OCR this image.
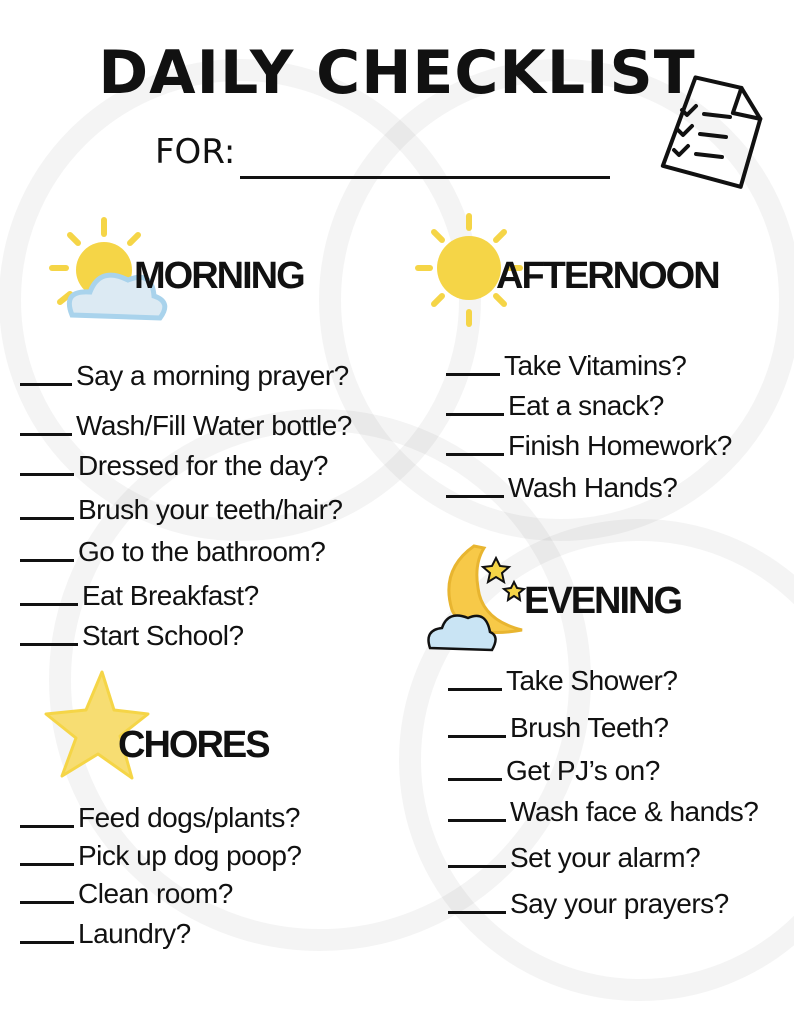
DAILY CHECKLIST
FOR:
MORNING
Say a morning prayer?
Wash/Fill Water bottle?
Dressed for the day?
Brush your teeth/hair?
Go to the bathroom?
Eat Breakfast?
Start School?
CHORES
Feed dogs/plants?
Pick up dog poop?
Clean room?
Laundry?
AFTERNOON
Take Vitamins?
Eat a snack?
Finish Homework?
Wash Hands?
EVENING
Take Shower?
Brush Teeth?
Get PJ’s on?
Wash face & hands?
Set your alarm?
Say your prayers?
